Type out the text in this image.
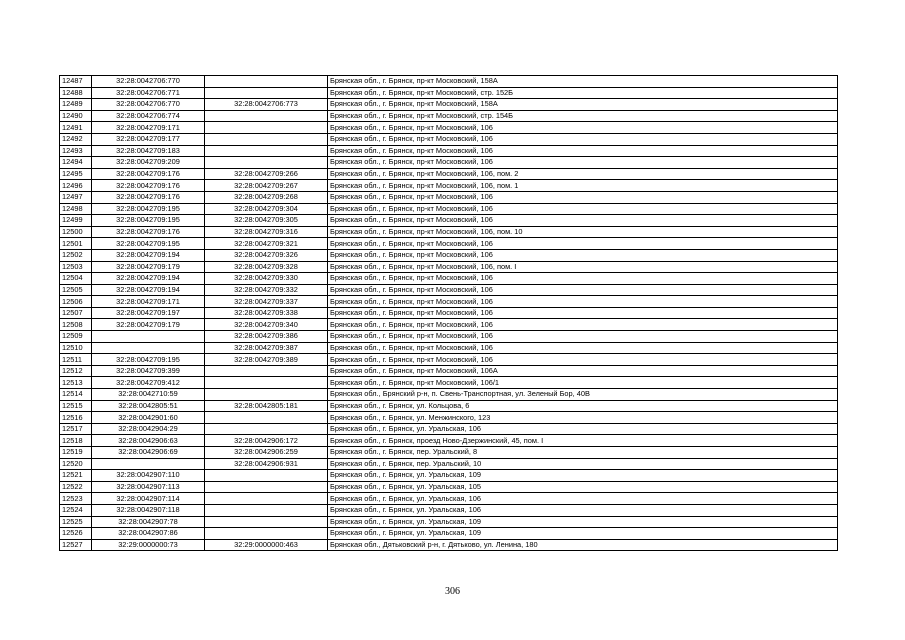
12487	32:28:0042706:770		Брянская обл., г. Брянск, пр-кт Московский, 158А
12488	32:28:0042706:771		Брянская обл., г. Брянск, пр-кт Московский, стр. 152Б
12489	32:28:0042706:770	32:28:0042706:773	Брянская обл., г. Брянск, пр-кт Московский, 158А
12490	32:28:0042706:774		Брянская обл., г. Брянск, пр-кт Московский, стр. 154Б
12491	32:28:0042709:171		Брянская обл., г. Брянск, пр-кт Московский, 106
12492	32:28:0042709:177		Брянская обл., г. Брянск, пр-кт Московский, 106
12493	32:28:0042709:183		Брянская обл., г. Брянск, пр-кт Московский, 106
12494	32:28:0042709:209		Брянская обл., г. Брянск, пр-кт Московский, 106
12495	32:28:0042709:176	32:28:0042709:266	Брянская обл., г. Брянск, пр-кт Московский, 106, пом. 2
12496	32:28:0042709:176	32:28:0042709:267	Брянская обл., г. Брянск, пр-кт Московский, 106, пом. 1
12497	32:28:0042709:176	32:28:0042709:268	Брянская обл., г. Брянск, пр-кт Московский, 106
12498	32:28:0042709:195	32:28:0042709:304	Брянская обл., г. Брянск, пр-кт Московский, 106
12499	32:28:0042709:195	32:28:0042709:305	Брянская обл., г. Брянск, пр-кт Московский, 106
12500	32:28:0042709:176	32:28:0042709:316	Брянская обл., г. Брянск, пр-кт Московский, 106, пом. 10
12501	32:28:0042709:195	32:28:0042709:321	Брянская обл., г. Брянск, пр-кт Московский, 106
12502	32:28:0042709:194	32:28:0042709:326	Брянская обл., г. Брянск, пр-кт Московский, 106
12503	32:28:0042709:179	32:28:0042709:328	Брянская обл., г. Брянск, пр-кт Московский, 106, пом. I
12504	32:28:0042709:194	32:28:0042709:330	Брянская обл., г. Брянск, пр-кт Московский, 106
12505	32:28:0042709:194	32:28:0042709:332	Брянская обл., г. Брянск, пр-кт Московский, 106
12506	32:28:0042709:171	32:28:0042709:337	Брянская обл., г. Брянск, пр-кт Московский, 106
12507	32:28:0042709:197	32:28:0042709:338	Брянская обл., г. Брянск, пр-кт Московский, 106
12508	32:28:0042709:179	32:28:0042709:340	Брянская обл., г. Брянск, пр-кт Московский, 106
12509		32:28:0042709:386	Брянская обл., г. Брянск, пр-кт Московский, 106
12510		32:28:0042709:387	Брянская обл., г. Брянск, пр-кт Московский, 106
12511	32:28:0042709:195	32:28:0042709:389	Брянская обл., г. Брянск, пр-кт Московский, 106
12512	32:28:0042709:399		Брянская обл., г. Брянск, пр-кт Московский, 106А
12513	32:28:0042709:412		Брянская обл., г. Брянск, пр-кт Московский, 106/1
12514	32:28:0042710:59		Брянская обл., Брянский р-н, п. Свень-Транспортная, ул. Зеленый Бор, 40В
12515	32:28:0042805:51	32:28:0042805:181	Брянская обл., г. Брянск, ул. Кольцова, 6
12516	32:28:0042901:60		Брянская обл., г. Брянск, ул. Менжинского, 123
12517	32:28:0042904:29		Брянская обл., г. Брянск, ул. Уральская, 106
12518	32:28:0042906:63	32:28:0042906:172	Брянская обл., г. Брянск, проезд Ново-Дзержинский, 45, пом. I
12519	32:28:0042906:69	32:28:0042906:259	Брянская обл., г. Брянск, пер. Уральский, 8
12520		32:28:0042906:931	Брянская обл., г. Брянск, пер. Уральский, 10
12521	32:28:0042907:110		Брянская обл., г. Брянск, ул. Уральская, 109
12522	32:28:0042907:113		Брянская обл., г. Брянск, ул. Уральская, 105
12523	32:28:0042907:114		Брянская обл., г. Брянск, ул. Уральская, 106
12524	32:28:0042907:118		Брянская обл., г. Брянск, ул. Уральская, 106
12525	32:28:0042907:78		Брянская обл., г. Брянск, ул. Уральская, 109
12526	32:28:0042907:86		Брянская обл., г. Брянск, ул. Уральская, 109
12527	32:29:0000000:73	32:29:0000000:463	Брянская обл., Дятьковский р-н, г. Дятьково, ул. Ленина, 180
306
